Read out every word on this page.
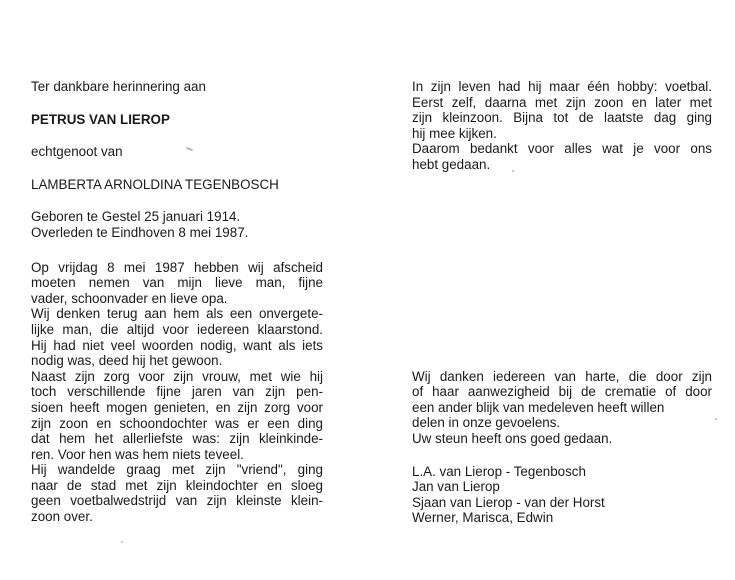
Ter dankbare herinnering aan
PETRUS VAN LIEROP
echtgenoot van
LAMBERTA ARNOLDINA TEGENBOSCH
Geboren te Gestel 25 januari 1914.
Overleden te Eindhoven 8 mei 1987.
Op vrijdag 8 mei 1987 hebben wij afscheid
moeten nemen van mijn lieve man, fijne
vader, schoonvader en lieve opa.
Wij denken terug aan hem als een onvergete-
lijke man, die altijd voor iedereen klaarstond.
Hij had niet veel woorden nodig, want als iets
nodig was, deed hij het gewoon.
Naast zijn zorg voor zijn vrouw, met wie hij
toch verschillende fijne jaren van zijn pen-
sioen heeft mogen genieten, en zijn zorg voor
zijn zoon en schoondochter was er een ding
dat hem het allerliefste was: zijn kleinkinde-
ren. Voor hen was hem niets teveel.
Hij wandelde graag met zijn "vriend", ging
naar de stad met zijn kleindochter en sloeg
geen voetbalwedstrijd van zijn kleinste klein-
zoon over.
In zijn leven had hij maar één hobby: voetbal.
Eerst zelf, daarna met zijn zoon en later met
zijn kleinzoon. Bijna tot de laatste dag ging
hij mee kijken.
Daarom bedankt voor alles wat je voor ons
hebt gedaan.
Wij danken iedereen van harte, die door zijn
of haar aanwezigheid bij de crematie of door
een ander blijk van medeleven heeft willen
delen in onze gevoelens.
Uw steun heeft ons goed gedaan.
L.A. van Lierop - Tegenbosch
Jan van Lierop
Sjaan van Lierop - van der Horst
Werner, Marisca, Edwin
